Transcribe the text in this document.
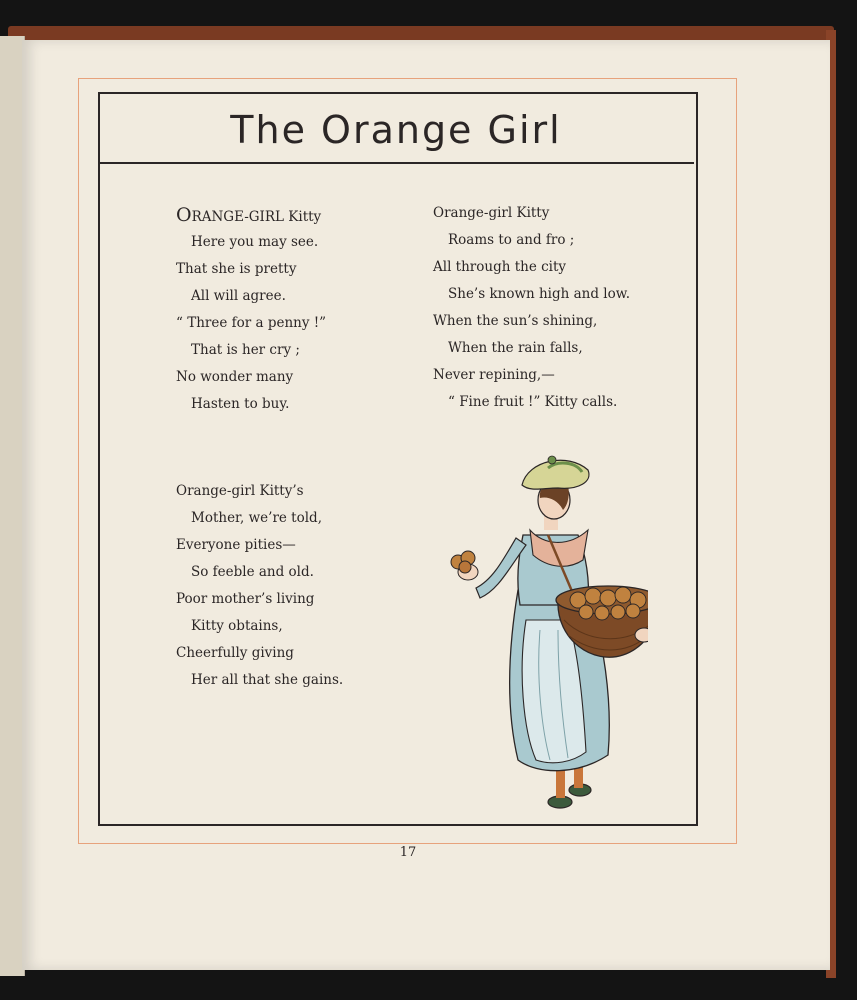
The Orange Girl
ORANGE-GIRL Kitty
Here you may see.
That she is pretty
All will agree.
“ Three for a penny !”
That is her cry ;
No wonder many
Hasten to buy.
Orange-girl Kitty
Roams to and fro ;
All through the city
She’s known high and low.
When the sun’s shining,
When the rain falls,
Never repining,—
“ Fine fruit !” Kitty calls.
Orange-girl Kitty’s
Mother, we’re told,
Everyone pities—
So feeble and old.
Poor mother’s living
Kitty obtains,
Cheerfully giving
Her all that she gains.
17
